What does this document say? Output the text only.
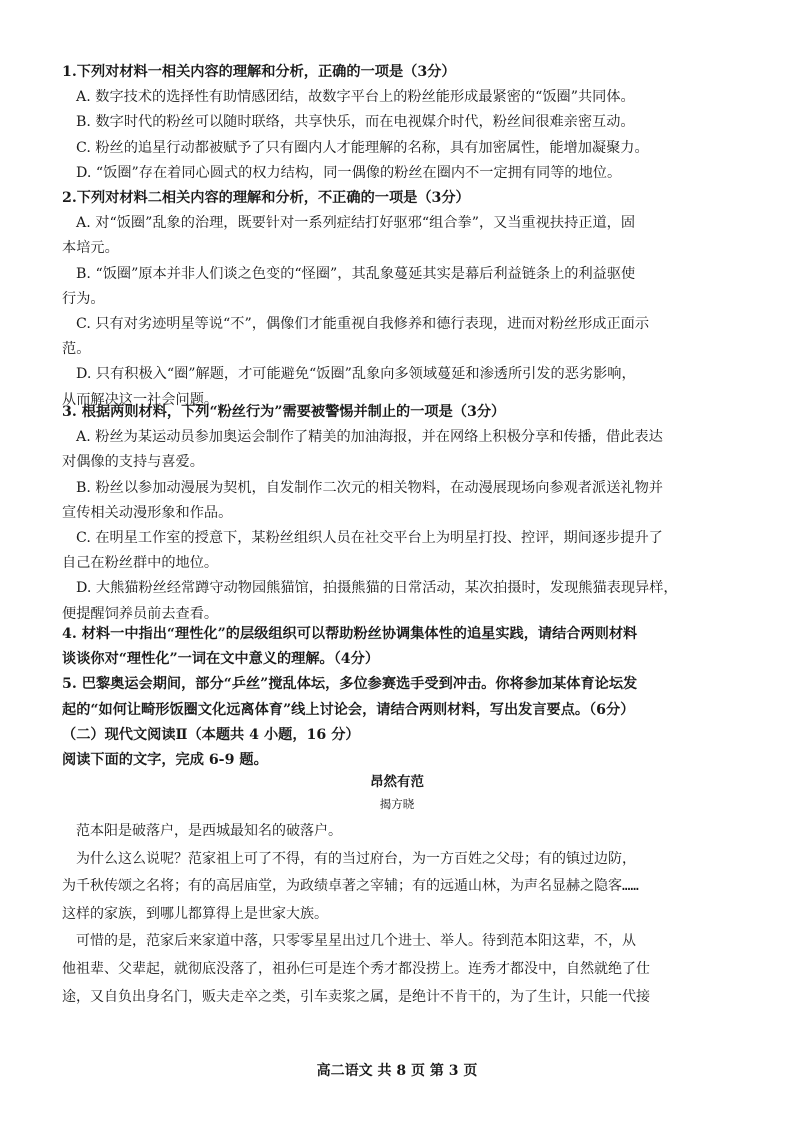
1.下列对材料一相关内容的理解和分析，正确的一项是（3分）
A. 数字技术的选择性有助情感团结，故数字平台上的粉丝能形成最紧密的“饭圈”共同体。
B. 数字时代的粉丝可以随时联络，共享快乐，而在电视媒介时代，粉丝间很难亲密互动。
C. 粉丝的追星行动都被赋予了只有圈内人才能理解的名称，具有加密属性，能增加凝聚力。
D. “饭圈”存在着同心圆式的权力结构，同一偶像的粉丝在圈内不一定拥有同等的地位。
2.下列对材料二相关内容的理解和分析，不正确的一项是（3分）
A. 对“饭圈”乱象的治理，既要针对一系列症结打好驱邪“组合拳”，又当重视扶持正道，固
本培元。
B. “饭圈”原本并非人们谈之色变的“怪圈”，其乱象蔓延其实是幕后利益链条上的利益驱使
行为。
C. 只有对劣迹明星等说“不”，偶像们才能重视自我修养和德行表现，进而对粉丝形成正面示
范。
D. 只有积极入“圈”解题，才可能避免“饭圈”乱象向多领域蔓延和渗透所引发的恶劣影响，
从而解决这一社会问题。
3. 根据两则材料，下列“粉丝行为”需要被警惕并制止的一项是（3分）
A. 粉丝为某运动员参加奥运会制作了精美的加油海报，并在网络上积极分享和传播，借此表达
对偶像的支持与喜爱。
B. 粉丝以参加动漫展为契机，自发制作二次元的相关物料，在动漫展现场向参观者派送礼物并
宣传相关动漫形象和作品。
C. 在明星工作室的授意下，某粉丝组织人员在社交平台上为明星打投、控评，期间逐步提升了
自己在粉丝群中的地位。
D. 大熊猫粉丝经常蹲守动物园熊猫馆，拍摄熊猫的日常活动，某次拍摄时，发现熊猫表现异样，
便提醒饲养员前去查看。
4. 材料一中指出“理性化”的层级组织可以帮助粉丝协调集体性的追星实践，请结合两则材料
谈谈你对“理性化”一词在文中意义的理解。（4分）
5. 巴黎奥运会期间，部分“乒丝”搅乱体坛，多位参赛选手受到冲击。你将参加某体育论坛发
起的“如何让畸形饭圈文化远离体育”线上讨论会，请结合两则材料，写出发言要点。（6分）
（二）现代文阅读Ⅱ（本题共 4 小题，16 分）
阅读下面的文字，完成 6-9 题。
昂然有范
揭方晓
范本阳是破落户，是西城最知名的破落户。
为什么这么说呢？范家祖上可了不得，有的当过府台，为一方百姓之父母；有的镇过边防，
为千秋传颂之名将；有的高居庙堂，为政绩卓著之宰辅；有的远遁山林，为声名显赫之隐客……
这样的家族，到哪儿都算得上是世家大族。
可惜的是，范家后来家道中落，只零零星星出过几个进士、举人。待到范本阳这辈，不，从
他祖辈、父辈起，就彻底没落了，祖孙仨可是连个秀才都没捞上。连秀才都没中，自然就绝了仕
途，又自负出身名门，贩夫走卒之类，引车卖浆之属，是绝计不肯干的，为了生计，只能一代接
高二语文 共 8 页 第 3 页
